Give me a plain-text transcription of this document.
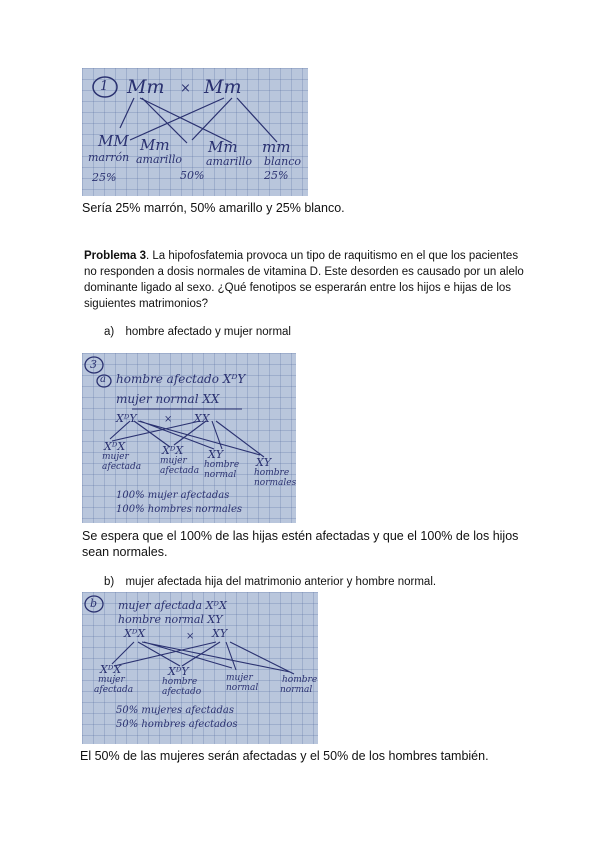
1 Mm × Mm
MM Mm	Mm mm
marrón amarillo amarillo blanco
25%	50%	25%
Sería 25% marrón, 50% amarillo y 25% blanco.
Problema 3. La hipofosfatemia provoca un tipo de raquitismo en el que los pacientes no responden a dosis normales de vitamina D. Este desorden es causado por un alelo dominante ligado al sexo. ¿Qué fenotipos se esperarán entre los hijos e hijas de los siguientes matrimonios?
a) hombre afectado y mujer normal
3
a hombre afectado XᴰY
mujer normal XX
XᴰY	× XX
XᴰX
mujer
afectada
XᴰX
mujer
afectada
XY
hombre
normal
XY
hombre
normales
100% mujer afectadas
100% hombres normales
Se espera que el 100% de las hijas estén afectadas y que el 100% de los hijos sean normales.
b) mujer afectada hija del matrimonio anterior y hombre normal.
b mujer afectada XᴰX
hombre normal XY
XᴰX	× XY
XᴰX
mujer
afectada
XᴰY
hombre
afectado
mujer
normal
hombre
normal
50% mujeres afectadas
50% hombres afectados
El 50% de las mujeres serán afectadas y el 50% de los hombres también.
